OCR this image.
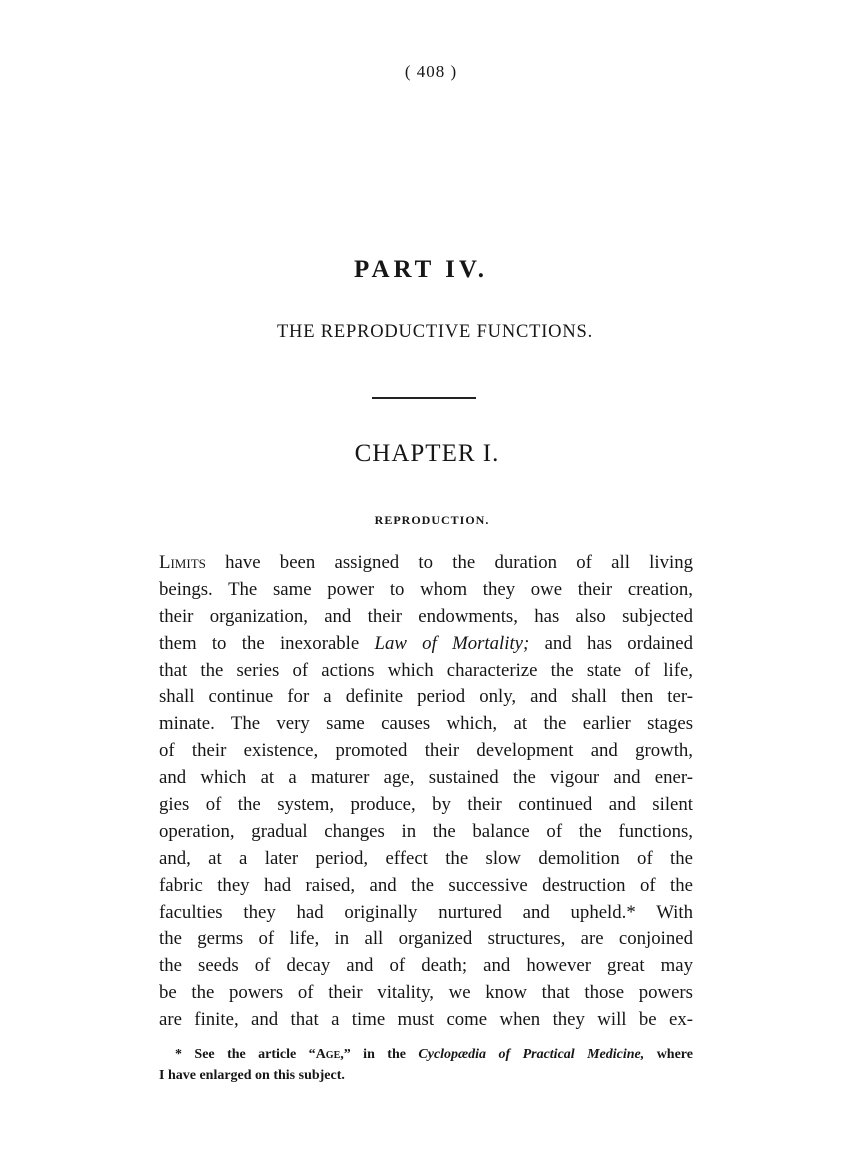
( 408 )
PART IV.
THE REPRODUCTIVE FUNCTIONS.
CHAPTER I.
REPRODUCTION.
Limits have been assigned to the duration of all living
beings. The same power to whom they owe their creation,
their organization, and their endowments, has also subjected
them to the inexorable Law of Mortality; and has ordained
that the series of actions which characterize the state of life,
shall continue for a definite period only, and shall then ter-
minate. The very same causes which, at the earlier stages
of their existence, promoted their development and growth,
and which at a maturer age, sustained the vigour and ener-
gies of the system, produce, by their continued and silent
operation, gradual changes in the balance of the functions,
and, at a later period, effect the slow demolition of the
fabric they had raised, and the successive destruction of the
faculties they had originally nurtured and upheld.* With
the germs of life, in all organized structures, are conjoined
the seeds of decay and of death; and however great may
be the powers of their vitality, we know that those powers
are finite, and that a time must come when they will be ex-
* See the article “Age,” in the Cyclopædia of Practical Medicine, where
I have enlarged on this subject.
